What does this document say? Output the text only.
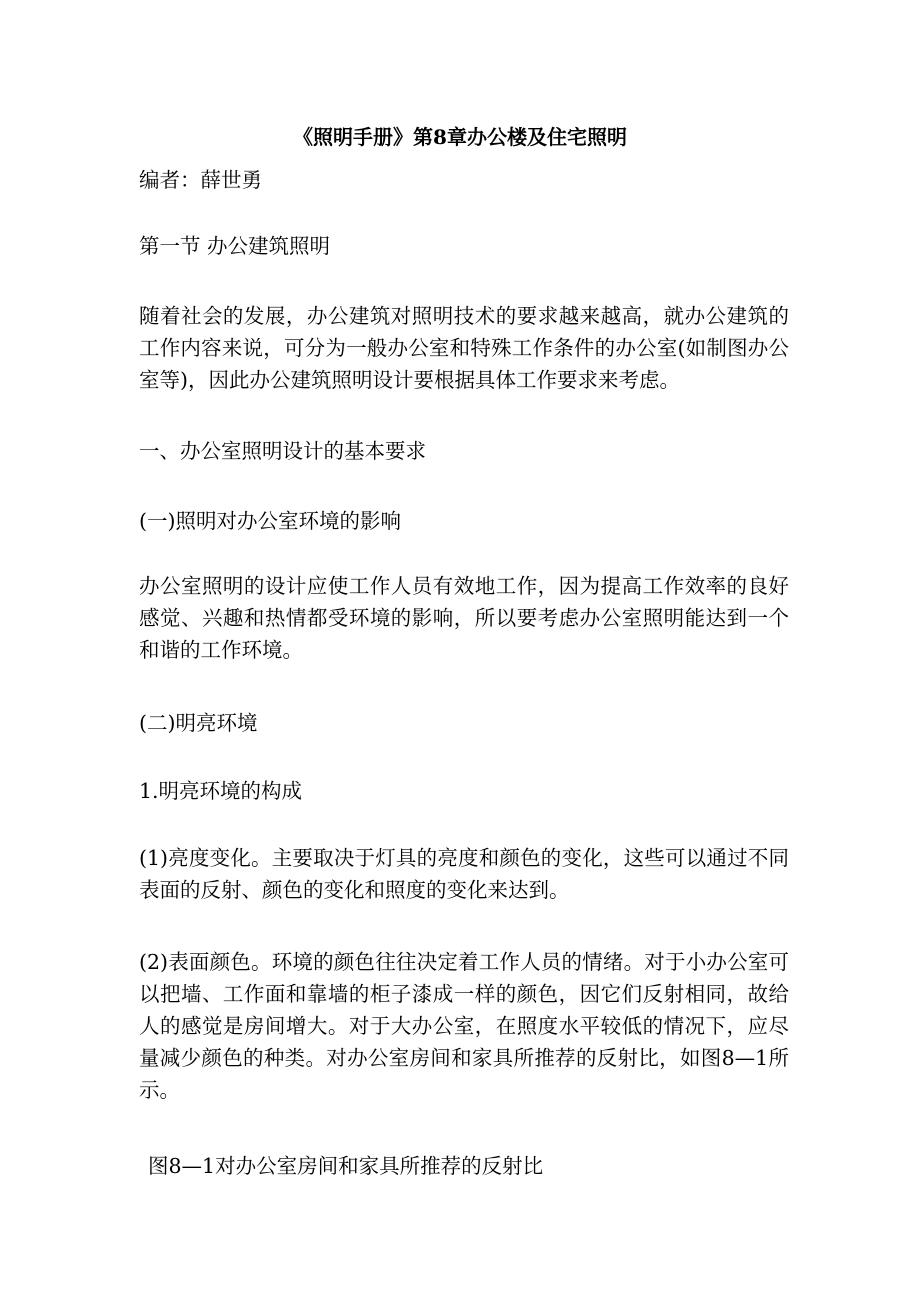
《照明手册》第8章办公楼及住宅照明

编者：薛世勇

第一节 办公建筑照明

随着社会的发展，办公建筑对照明技术的要求越来越高，就办公建筑的工作内容来说，可分为一般办公室和特殊工作条件的办公室(如制图办公室等)，因此办公建筑照明设计要根据具体工作要求来考虑。

一、办公室照明设计的基本要求

(一)照明对办公室环境的影响

办公室照明的设计应使工作人员有效地工作，因为提高工作效率的良好感觉、兴趣和热情都受环境的影响，所以要考虑办公室照明能达到一个和谐的工作环境。

(二)明亮环境

1.明亮环境的构成

(1)亮度变化。主要取决于灯具的亮度和颜色的变化，这些可以通过不同表面的反射、颜色的变化和照度的变化来达到。

(2)表面颜色。环境的颜色往往决定着工作人员的情绪。对于小办公室可以把墙、工作面和靠墙的柜子漆成一样的颜色，因它们反射相同，故给人的感觉是房间增大。对于大办公室，在照度水平较低的情况下，应尽量减少颜色的种类。对办公室房间和家具所推荐的反射比，如图8—1所示。

图8—1对办公室房间和家具所推荐的反射比
